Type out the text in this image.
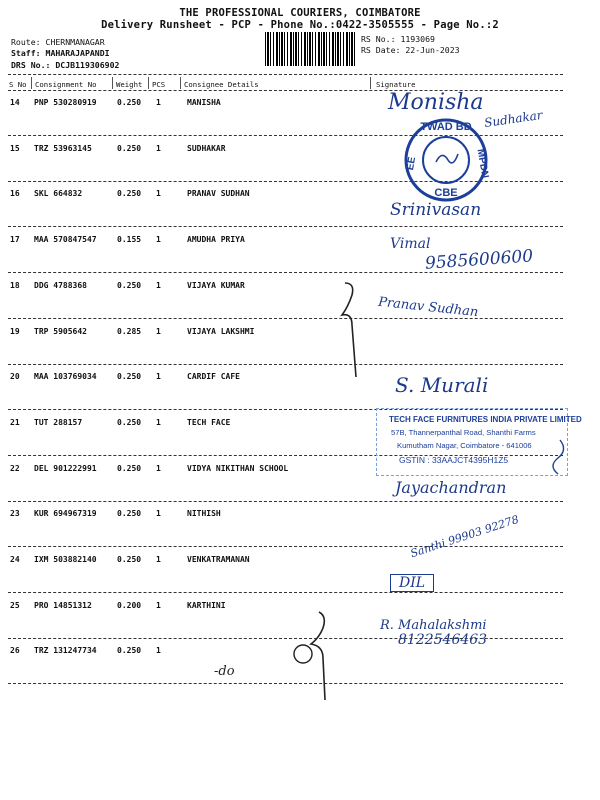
THE PROFESSIONAL COURIERS, COIMBATORE
Delivery Runsheet - PCP - Phone No.:0422-3505555 - Page No.:2
Route: CHERNMANAGAR
Staff: MAHARAJAPANDI
DRS No.: DCJB119306902
RS No.: 1193069
RS Date: 22-Jun-2023
S No Consignment No	Weight PCS	Consignee Details	Signature
14 PNP 530280919	0.250 1	MANISHA
15 TRZ 53963145	0.250 1	SUDHAKAR
16 SKL 664832	0.250 1	PRANAV SUDHAN
17 MAA 570847547	0.155 1	AMUDHA PRIYA
18 DDG 4788368	0.250 1	VIJAYA KUMAR
19 TRP 5905642	0.285 1	VIJAYA LAKSHMI
20 MAA 103769034	0.250 1	CARDIF CAFE
21 TUT 288157	0.250 1	TECH FACE
22 DEL 901222991	0.250 1	VIDYA NIKITHAN SCHOOL
23 KUR 694967319	0.250 1	NITHISH
24 IXM 503882140	0.250 1	VENKATRAMANAN
25 PRO 14851312	0.200 1	KARTHINI
26 TRZ 131247734	0.250 1
TWAD BD
EE	MPDN
CBE
TECH FACE FURNITURES INDIA PRIVATE LIMITED
57B, Thannerpanthal Road, Shanthi Farms
Kumutham Nagar, Coimbatore - 641006
GSTIN : 33AAJCT4395H1Z5
Monisha
Sudhakar
Srinivasan
Vimal
9585600600
Pranav Sudhan
S. Murali
Jayachandran
Santhi 99903 92278
DIL
R. Mahalakshmi
8122546463
-do
